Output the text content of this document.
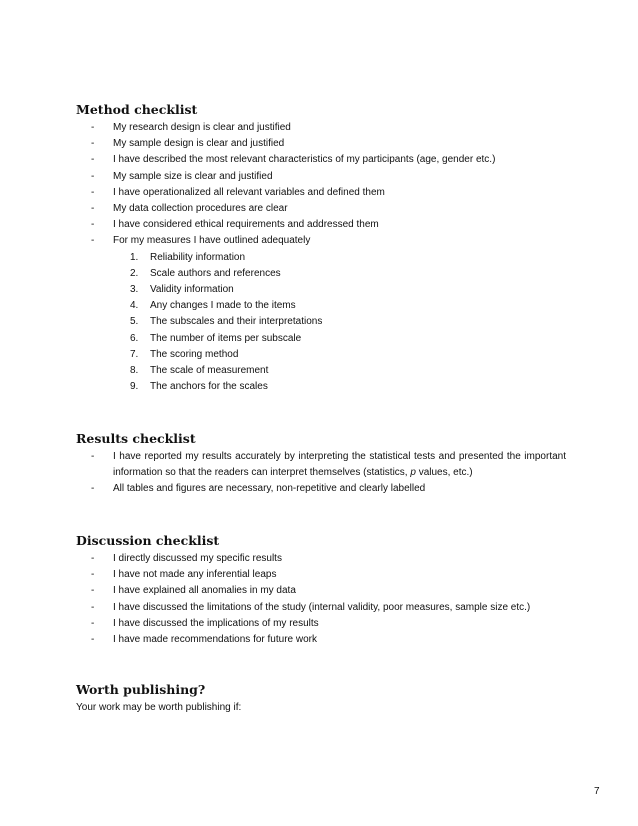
Method checklist
- My research design is clear and justified
- My sample design is clear and justified
- I have described the most relevant characteristics of my participants (age, gender etc.)
- My sample size is clear and justified
- I have operationalized all relevant variables and defined them
- My data collection procedures are clear
- I have considered ethical requirements and addressed them
- For my measures I have outlined adequately
1. Reliability information
2. Scale authors and references
3. Validity information
4. Any changes I made to the items
5. The subscales and their interpretations
6. The number of items per subscale
7. The scoring method
8. The scale of measurement
9. The anchors for the scales
Results checklist
- I have reported my results accurately by interpreting the statistical tests and presented the important information so that the readers can interpret themselves (statistics, p values, etc.)
- All tables and figures are necessary, non-repetitive and clearly labelled
Discussion checklist
- I directly discussed my specific results
- I have not made any inferential leaps
- I have explained all anomalies in my data
- I have discussed the limitations of the study (internal validity, poor measures, sample size etc.)
- I have discussed the implications of my results
- I have made recommendations for future work
Worth publishing?

Your work may be worth publishing if:

7
